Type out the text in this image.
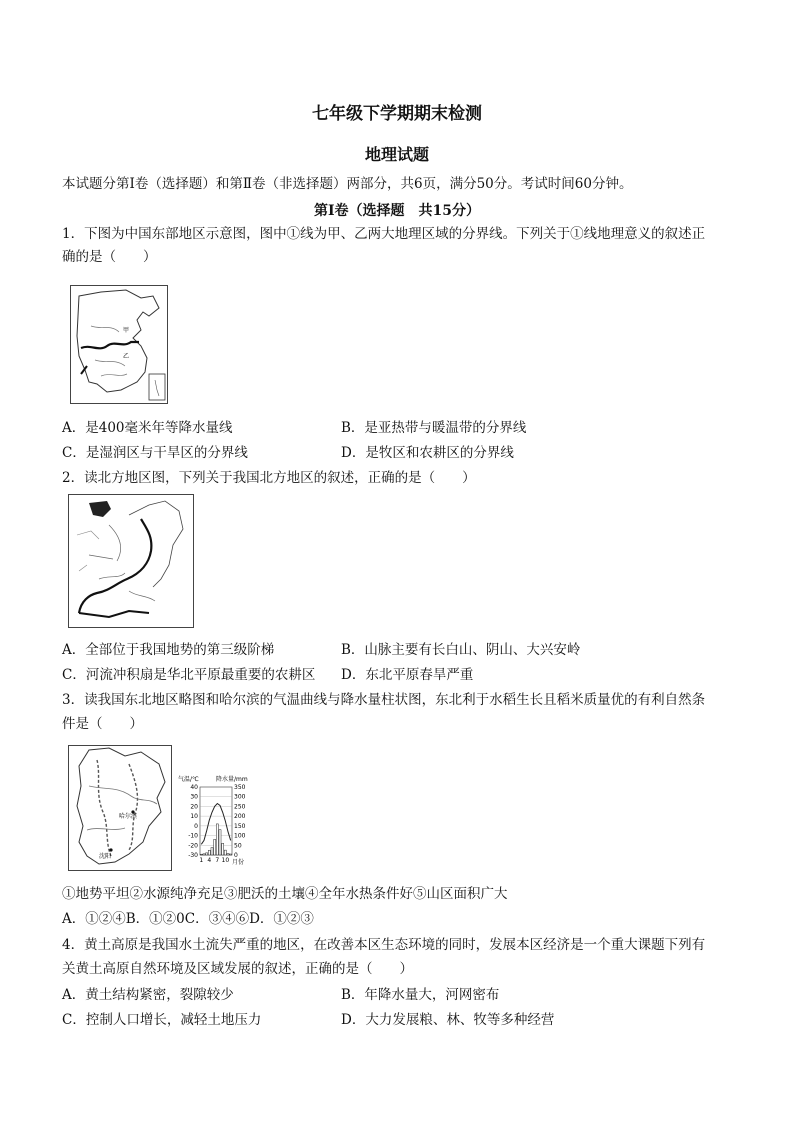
七年级下学期期末检测
地理试题
本试题分第Ⅰ卷（选择题）和第Ⅱ卷（非选择题）两部分，共6页，满分50分。考试时间60分钟。
第Ⅰ卷（选择题　共15分）
1．下图为中国东部地区示意图，图中①线为甲、乙两大地理区域的分界线。下列关于①线地理意义的叙述正
确的是（　　）
甲
乙
A．是400毫米年等降水量线	B．是亚热带与暖温带的分界线
C．是湿润区与干旱区的分界线	D．是牧区和农耕区的分界线
2．读北方地区图，下列关于我国北方地区的叙述，正确的是（　　）
A．全部位于我国地势的第三级阶梯	B．山脉主要有长白山、阴山、大兴安岭
C．河流冲积扇是华北平原最重要的农耕区 D．东北平原春旱严重
3．读我国东北地区略图和哈尔滨的气温曲线与降水量柱状图，东北利于水稻生长且稻米质量优的有利自然条
件是（　　）
哈尔滨
沈阳
气温/℃	降水量/mm
40
30
20
10
0
-10
-20
-30
350
300
250
200
150
100
50
0
1 4 7 10 月份
①地势平坦②水源纯净充足③肥沃的土壤④全年水热条件好⑤山区面积广大
A．①②④B．①②0C．③④⑥D．①②③
4．黄土高原是我国水土流失严重的地区，在改善本区生态环境的同时，发展本区经济是一个重大课题下列有
关黄土高原自然环境及区域发展的叙述，正确的是（　　）
A．黄土结构紧密，裂隙较少	B．年降水量大，河网密布
C．控制人口增长，减轻土地压力	D．大力发展粮、林、牧等多种经营
